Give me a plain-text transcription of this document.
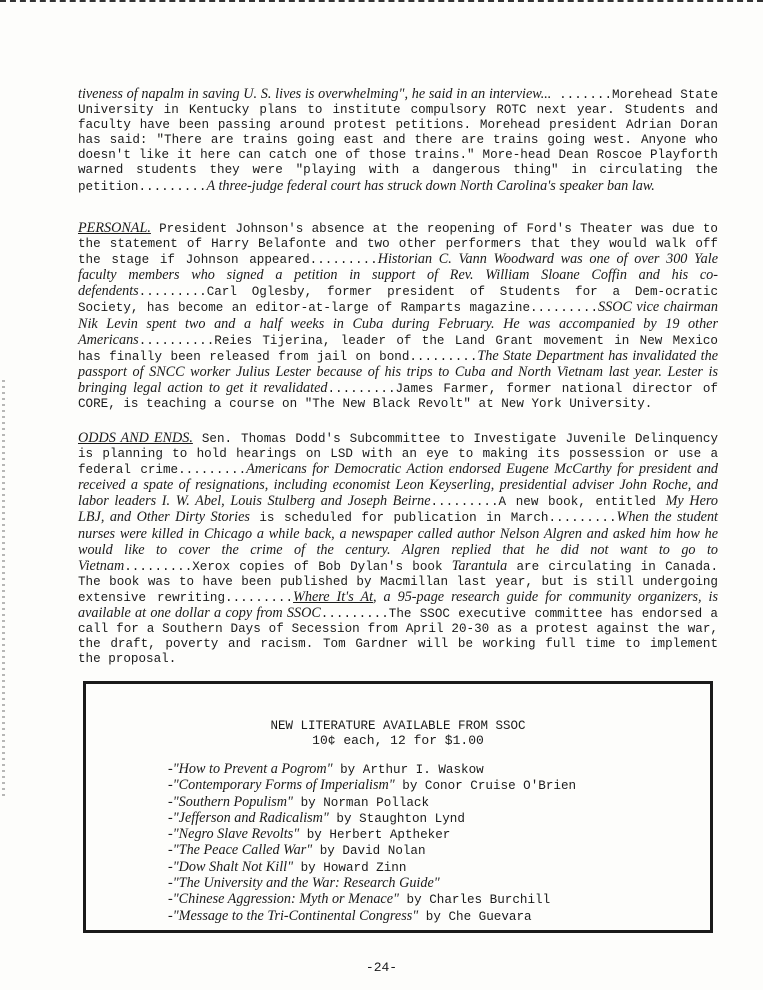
tiveness of napalm in saving U. S. lives is overwhelming", he said in an interview... .......Morehead State University in Kentucky plans to institute compulsory ROTC next year. Students and faculty have been passing around protest petitions. Morehead president Adrian Doran has said: "There are trains going east and there are trains going west. Anyone who doesn't like it here can catch one of those trains." More-head Dean Roscoe Playforth warned students they were "playing with a dangerous thing" in circulating the petition.........A three-judge federal court has struck down North Carolina's speaker ban law.
PERSONAL. President Johnson's absence at the reopening of Ford's Theater was due to the statement of Harry Belafonte and two other performers that they would walk off the stage if Johnson appeared.........Historian C. Vann Woodward was one of over 300 Yale faculty members who signed a petition in support of Rev. William Sloane Coffin and his co-defendents.........Carl Oglesby, former president of Students for a Dem-ocratic Society, has become an editor-at-large of Ramparts magazine.........SSOC vice chairman Nik Levin spent two and a half weeks in Cuba during February. He was accompanied by 19 other Americans..........Reies Tijerina, leader of the Land Grant movement in New Mexico has finally been released from jail on bond.........The State Department has invalidated the passport of SNCC worker Julius Lester because of his trips to Cuba and North Vietnam last year. Lester is bringing legal action to get it revalidated.........James Farmer, former national director of CORE, is teaching a course on "The New Black Revolt" at New York University.
ODDS AND ENDS. Sen. Thomas Dodd's Subcommittee to Investigate Juvenile Delinquency is planning to hold hearings on LSD with an eye to making its possession or use a federal crime.........Americans for Democratic Action endorsed Eugene McCarthy for president and received a spate of resignations, including economist Leon Keyserling, presidential adviser John Roche, and labor leaders I. W. Abel, Louis Stulberg and Joseph Beirne.........A new book, entitled My Hero LBJ, and Other Dirty Stories is scheduled for publication in March.........When the student nurses were killed in Chicago a while back, a newspaper called author Nelson Algren and asked him how he would like to cover the crime of the century. Algren replied that he did not want to go to Vietnam.........Xerox copies of Bob Dylan's book Tarantula are circulating in Canada. The book was to have been published by Macmillan last year, but is still undergoing extensive rewriting.........Where It's At, a 95-page research guide for community organizers, is available at one dollar a copy from SSOC.........The SSOC executive committee has endorsed a call for a Southern Days of Secession from April 20-30 as a protest against the war, the draft, poverty and racism. Tom Gardner will be working full time to implement the proposal.
NEW LITERATURE AVAILABLE FROM SSOC
10¢ each, 12 for $1.00
-"How to Prevent a Pogrom" by Arthur I. Waskow
-"Contemporary Forms of Imperialism" by Conor Cruise O'Brien
-"Southern Populism" by Norman Pollack
-"Jefferson and Radicalism" by Staughton Lynd
-"Negro Slave Revolts" by Herbert Aptheker
-"The Peace Called War" by David Nolan
-"Dow Shalt Not Kill" by Howard Zinn
-"The University and the War: Research Guide"
-"Chinese Aggression: Myth or Menace" by Charles Burchill
-"Message to the Tri-Continental Congress" by Che Guevara
-24-
